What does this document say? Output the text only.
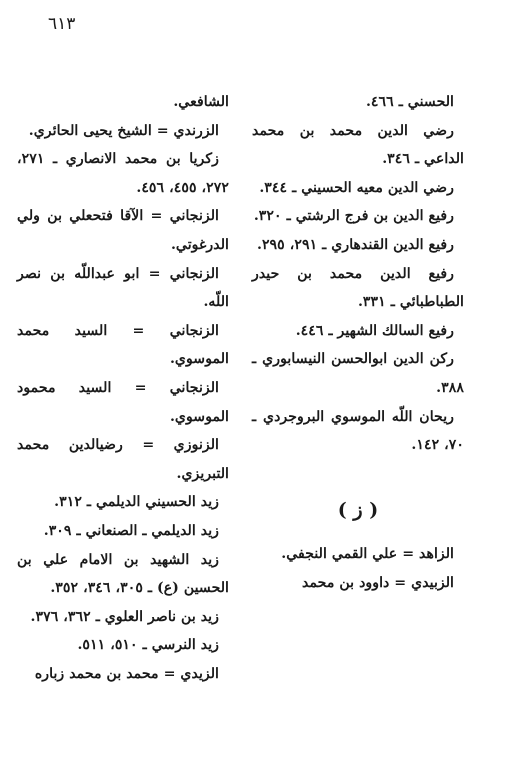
٦١٣

الحسني ـ ٤٦٦.

رضي الدين محمد بن محمد الداعي ـ ٣٤٦.

رضي الدين معيه الحسيني ـ ٣٤٤.

رفيع الدين بن فرج الرشتي ـ ٣٢٠.

رفيع الدين القندهاري ـ ٢٩١، ٢٩٥.

رفيع الدين محمد بن حيدر الطباطبائي ـ ٣٣١.

رفيع السالك الشهير ـ ٤٤٦.

ركن الدين ابوالحسن النيسابوري ـ ٣٨٨.

ريحان اللّه الموسوي البروجردي ـ ٧٠، ١٤٢.

( ز )

الزاهد = علي القمي النجفي.

الزبيدي = داوود بن محمد

الشافعي.

الزرندي = الشيخ يحيى الحائري.

زكريا بن محمد الانصاري ـ ٢٧١، ٢٧٢، ٤٥٥، ٤٥٦.

الزنجاني = الآقا فتحعلي بن ولي الدرغوتي.

الزنجاني = ابو عبداللّه بن نصر اللّه.

الزنجاني = السيد محمد الموسوي.

الزنجاني = السيد محمود الموسوي.

الزنوزي = رضيالدين محمد التبريزي.

زيد الحسيني الديلمي ـ ٣١٢.

زيد الديلمي ـ الصنعاني ـ ٣٠٩.

زيد الشهيد بن الامام علي بن الحسين (ع) ـ ٣٠٥، ٣٤٦، ٣٥٢.

زيد بن ناصر العلوي ـ ٣٦٢، ٣٧٦.

زيد النرسي ـ ٥١٠، ٥١١.

الزيدي = محمد بن محمد زباره
